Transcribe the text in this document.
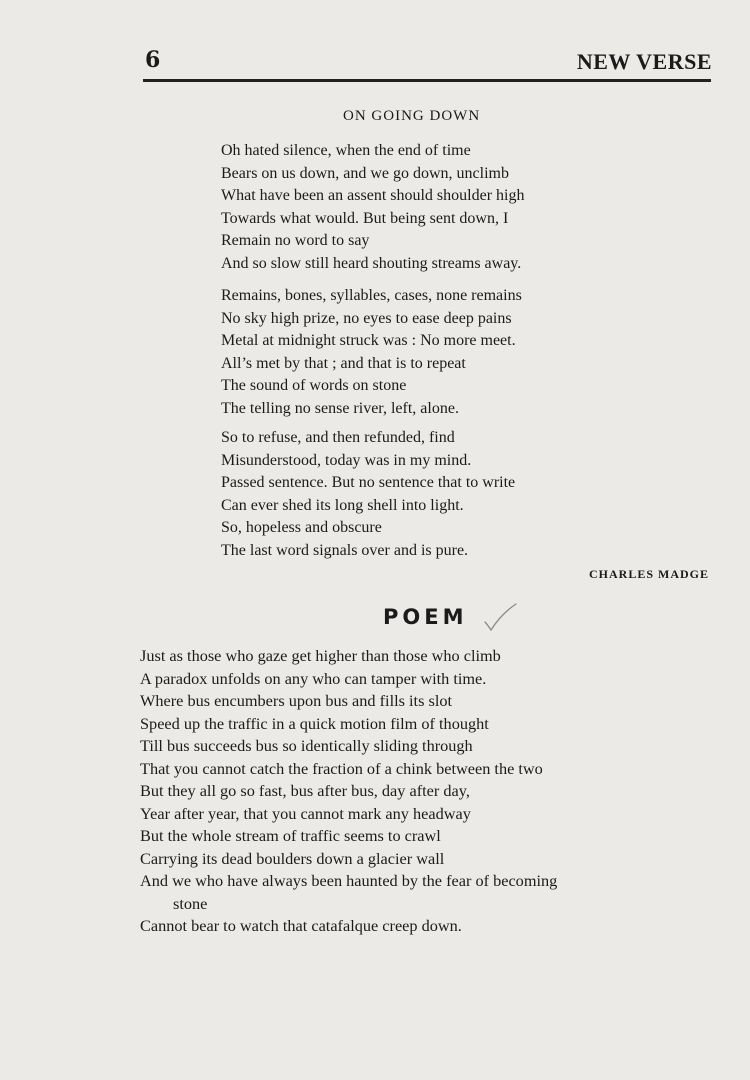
6	NEW VERSE
ON GOING DOWN
Oh hated silence, when the end of time
Bears on us down, and we go down, unclimb
What have been an assent should shoulder high
Towards what would. But being sent down, I
Remain no word to say
And so slow still heard shouting streams away.
Remains, bones, syllables, cases, none remains
No sky high prize, no eyes to ease deep pains
Metal at midnight struck was : No more meet.
All’s met by that ; and that is to repeat
The sound of words on stone
The telling no sense river, left, alone.
So to refuse, and then refunded, find
Misunderstood, today was in my mind.
Passed sentence. But no sentence that to write
Can ever shed its long shell into light.
So, hopeless and obscure
The last word signals over and is pure.
CHARLES MADGE
POEM
Just as those who gaze get higher than those who climb
A paradox unfolds on any who can tamper with time.
Where bus encumbers upon bus and fills its slot
Speed up the traffic in a quick motion film of thought
Till bus succeeds bus so identically sliding through
That you cannot catch the fraction of a chink between the two
But they all go so fast, bus after bus, day after day,
Year after year, that you cannot mark any headway
But the whole stream of traffic seems to crawl
Carrying its dead boulders down a glacier wall
And we who have always been haunted by the fear of becoming
stone
Cannot bear to watch that catafalque creep down.
